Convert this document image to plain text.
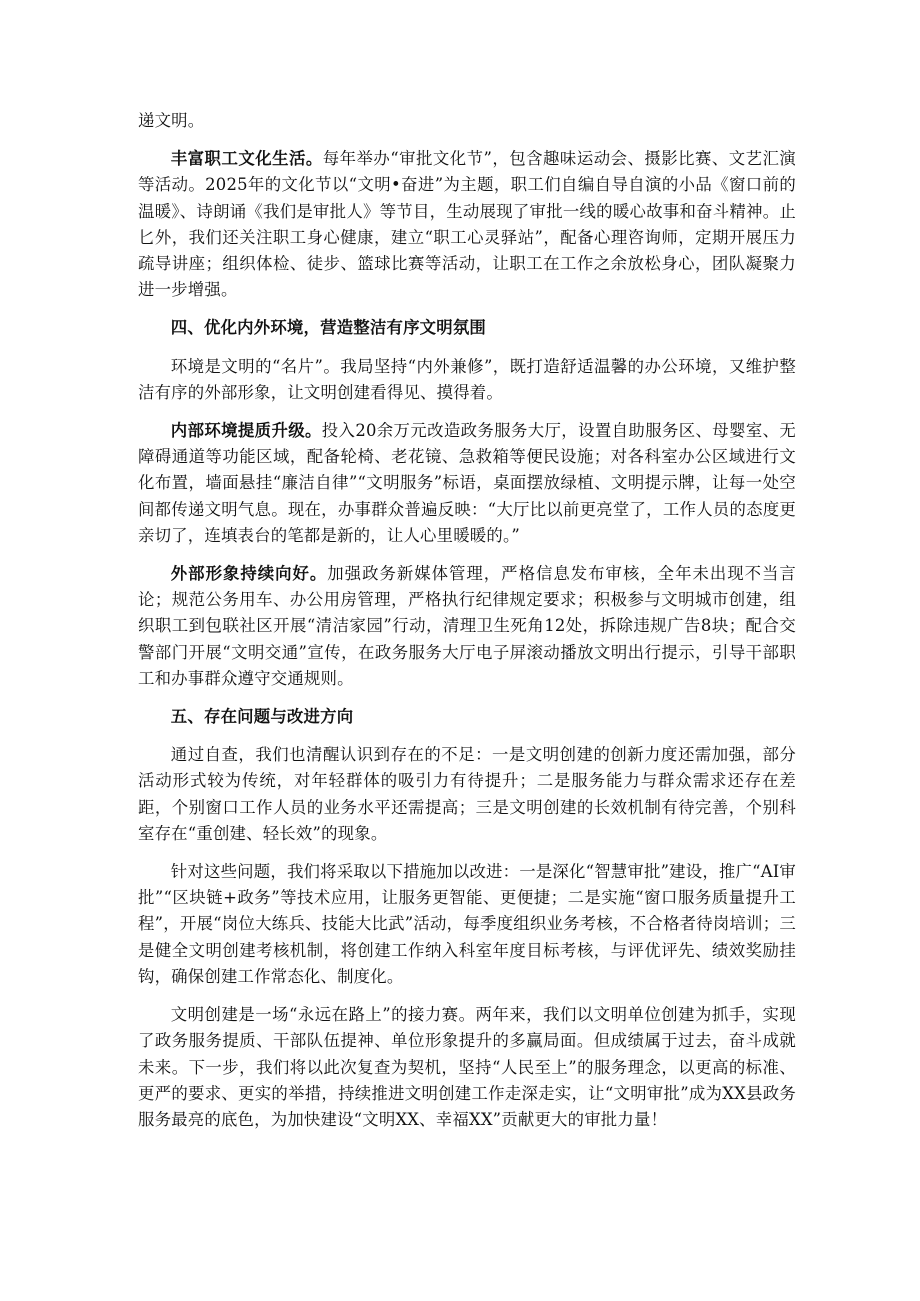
递文明。

丰富职工文化生活。每年举办“审批文化节”，包含趣味运动会、摄影比赛、文艺汇演等活动。2025年的文化节以“文明•奋进”为主题，职工们自编自导自演的小品《窗口前的温暖》、诗朗诵《我们是审批人》等节目，生动展现了审批一线的暖心故事和奋斗精神。止匕外，我们还关注职工身心健康，建立“职工心灵驿站”，配备心理咨询师，定期开展压力疏导讲座；组织体检、徒步、篮球比赛等活动，让职工在工作之余放松身心，团队凝聚力进一步增强。

四、优化内外环境，营造整洁有序文明氛围

环境是文明的“名片”。我局坚持“内外兼修”，既打造舒适温馨的办公环境，又维护整洁有序的外部形象，让文明创建看得见、摸得着。

内部环境提质升级。投入20余万元改造政务服务大厅，设置自助服务区、母婴室、无障碍通道等功能区域，配备轮椅、老花镜、急救箱等便民设施；对各科室办公区域进行文化布置，墙面悬挂“廉洁自律”“文明服务”标语，桌面摆放绿植、文明提示牌，让每一处空间都传递文明气息。现在，办事群众普遍反映：“大厅比以前更亮堂了，工作人员的态度更亲切了，连填表台的笔都是新的，让人心里暖暖的。”

外部形象持续向好。加强政务新媒体管理，严格信息发布审核，全年未出现不当言论；规范公务用车、办公用房管理，严格执行纪律规定要求；积极参与文明城市创建，组织职工到包联社区开展“清洁家园”行动，清理卫生死角12处，拆除违规广告8块；配合交警部门开展“文明交通”宣传，在政务服务大厅电子屏滚动播放文明出行提示，引导干部职工和办事群众遵守交通规则。

五、存在问题与改进方向

通过自查，我们也清醒认识到存在的不足：一是文明创建的创新力度还需加强，部分活动形式较为传统，对年轻群体的吸引力有待提升；二是服务能力与群众需求还存在差距，个别窗口工作人员的业务水平还需提高；三是文明创建的长效机制有待完善，个别科室存在“重创建、轻长效”的现象。

针对这些问题，我们将采取以下措施加以改进：一是深化“智慧审批”建设，推广“AI审批”“区块链+政务”等技术应用，让服务更智能、更便捷；二是实施“窗口服务质量提升工程”，开展“岗位大练兵、技能大比武”活动，每季度组织业务考核，不合格者待岗培训；三是健全文明创建考核机制，将创建工作纳入科室年度目标考核，与评优评先、绩效奖励挂钩，确保创建工作常态化、制度化。

文明创建是一场“永远在路上”的接力赛。两年来，我们以文明单位创建为抓手，实现了政务服务提质、干部队伍提神、单位形象提升的多赢局面。但成绩属于过去，奋斗成就未来。下一步，我们将以此次复查为契机，坚持“人民至上”的服务理念，以更高的标准、更严的要求、更实的举措，持续推进文明创建工作走深走实，让“文明审批”成为XX县政务服务最亮的底色，为加快建设“文明XX、幸福XX”贡献更大的审批力量！
